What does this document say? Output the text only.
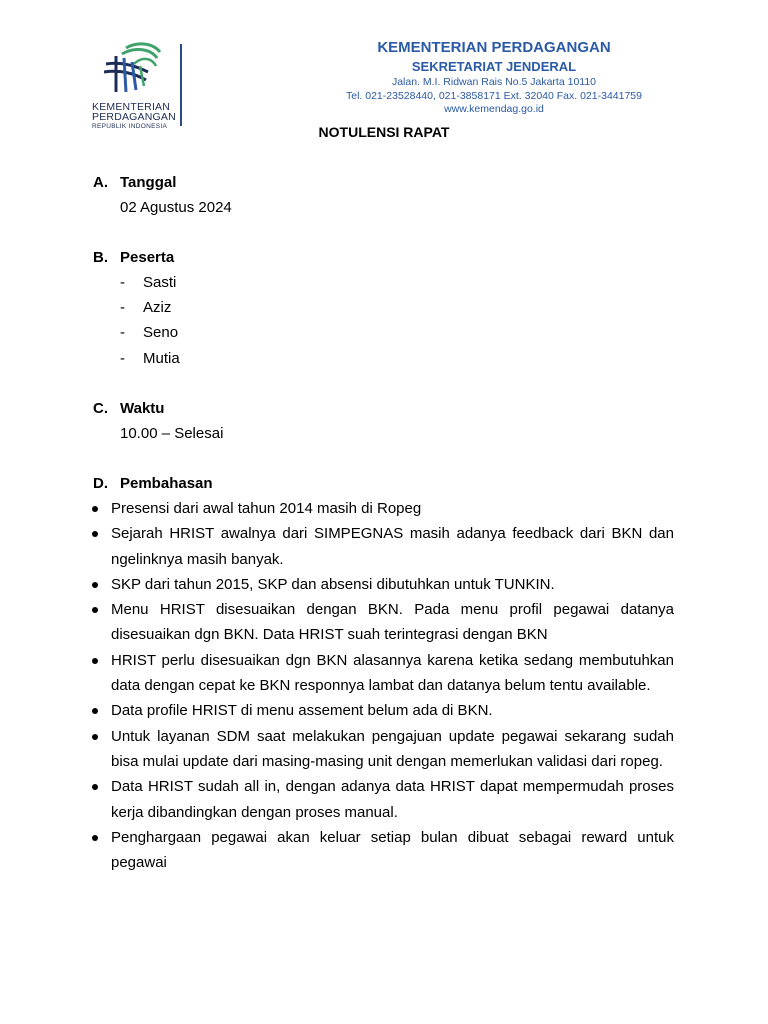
KEMENTERIAN
PERDAGANGAN
REPUBLIK INDONESIA
KEMENTERIAN PERDAGANGAN
SEKRETARIAT JENDERAL
Jalan. M.I. Ridwan Rais No.5 Jakarta 10110
Tel. 021-23528440, 021-3858171 Ext. 32040 Fax. 021-3441759
www.kemendag.go.id
NOTULENSI RAPAT
A. Tanggal
02 Agustus 2024
B. Peserta
- Sasti
- Aziz
- Seno
- Mutia
C. Waktu
10.00 – Selesai
D. Pembahasan
Presensi dari awal tahun 2014 masih di Ropeg
Sejarah HRIST awalnya dari SIMPEGNAS masih adanya feedback dari BKN dan ngelinknya masih banyak.
SKP dari tahun 2015, SKP dan absensi dibutuhkan untuk TUNKIN.
Menu HRIST disesuaikan dengan BKN. Pada menu profil pegawai datanya disesuaikan dgn BKN. Data HRIST suah terintegrasi dengan BKN
HRIST perlu disesuaikan dgn BKN alasannya karena ketika sedang membutuhkan data dengan cepat ke BKN responnya lambat dan datanya belum tentu available.
Data profile HRIST di menu assement belum ada di BKN.
Untuk layanan SDM saat melakukan pengajuan update pegawai sekarang sudah bisa mulai update dari masing-masing unit dengan memerlukan validasi dari ropeg.
Data HRIST sudah all in, dengan adanya data HRIST dapat mempermudah proses kerja dibandingkan dengan proses manual.
Penghargaan pegawai akan keluar setiap bulan dibuat sebagai reward untuk pegawai
